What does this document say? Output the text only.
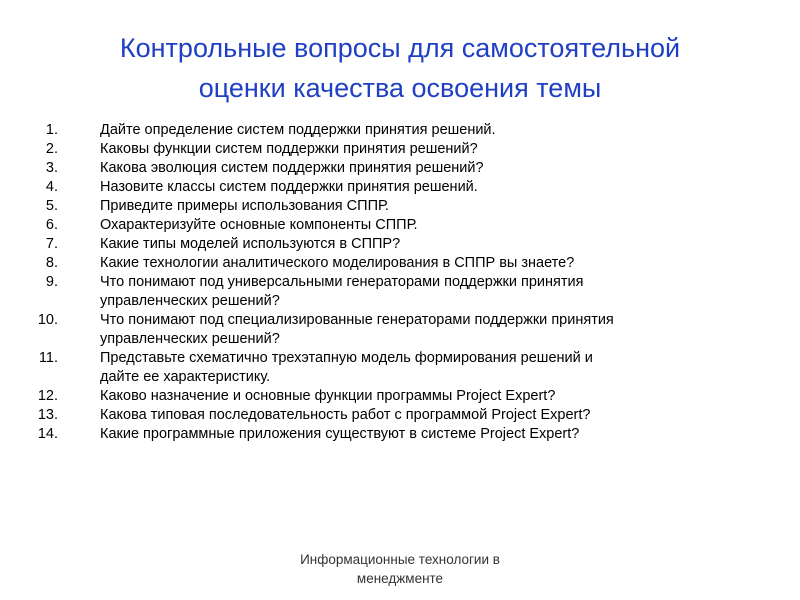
Контрольные вопросы для самостоятельной
оценки качества освоения темы
1.	Дайте определение систем поддержки принятия решений.
2.	Каковы функции систем поддержки принятия решений?
3.	Какова эволюция систем поддержки принятия решений?
4.	Назовите классы систем поддержки принятия решений.
5.	Приведите примеры использования СППР.
6.	Охарактеризуйте основные компоненты СППР.
7.	Какие типы моделей используются в СППР?
8.	Какие технологии аналитического моделирования в СППР вы знаете?
9.	Что понимают под универсальными генераторами поддержки принятия
управленческих решений?
10.	Что понимают под специализированные генераторами поддержки принятия
управленческих решений?
11.	Представьте схематично трехэтапную модель формирования решений и
дайте ее характеристику.
12.	Каково назначение и основные функции программы Project Expert?
13.	Какова типовая последовательность работ с программой Project Expert?
14.	Какие программные приложения существуют в системе Project Expert?
Информационные технологии в
менеджменте
